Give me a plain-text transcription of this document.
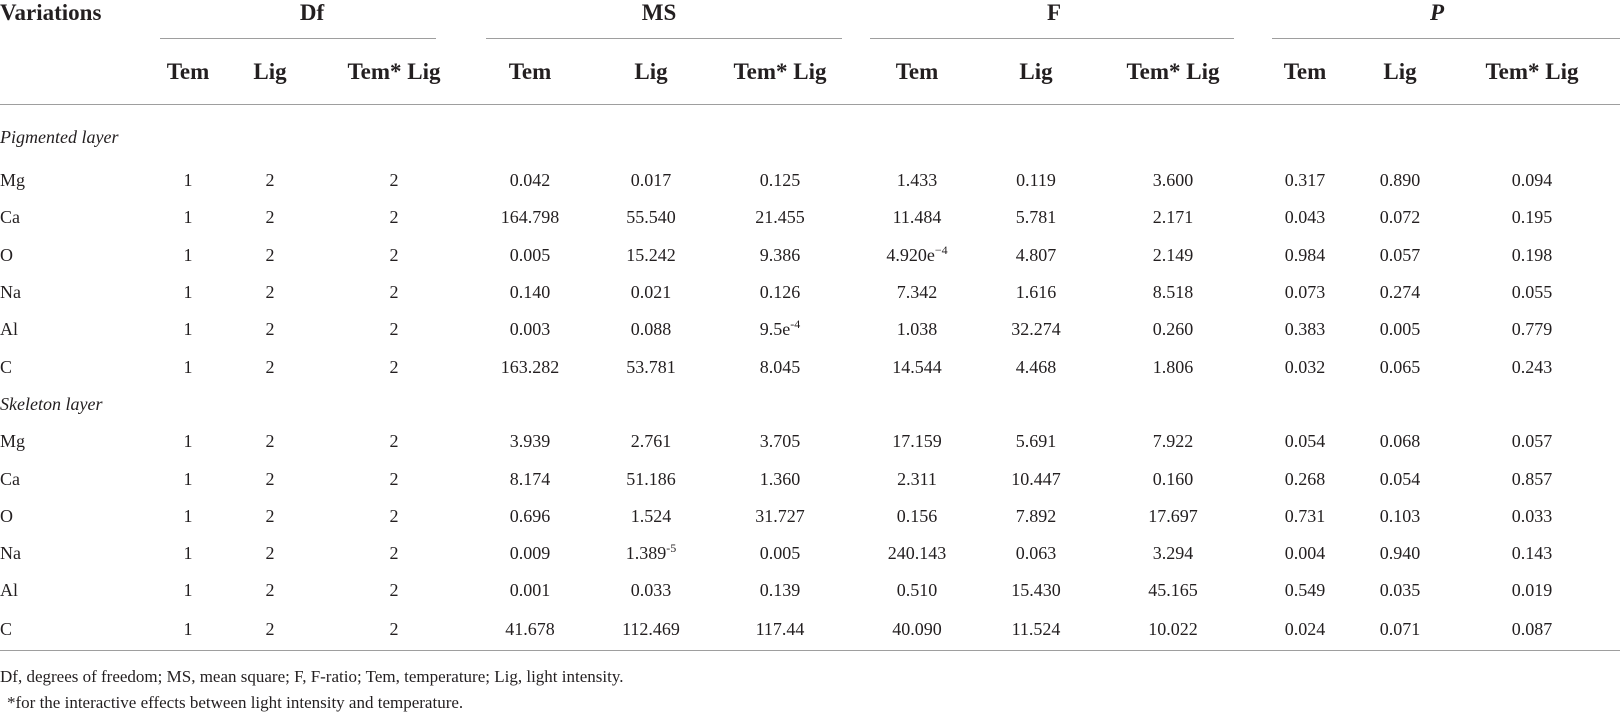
Variations	Df			MS			F			P		

	Tem	Lig	Tem* Lig	Tem	Lig	Tem* Lig	Tem	Lig	Tem* Lig	Tem	Lig	Tem* Lig
Pigmented layer												
Mg	1	2	2	0.042	0.017	0.125	1.433	0.119	3.600	0.317	0.890	0.094
Ca	1	2	2	164.798	55.540	21.455	11.484	5.781	2.171	0.043	0.072	0.195
O	1	2	2	0.005	15.242	9.386	$4.920e^{-4}$	4.807	2.149	0.984	0.057	0.198
Na	1	2	2	0.140	0.021	0.126	7.342	1.616	8.518	0.073	0.274	0.055
Al	1	2	2	0.003	0.088	$9.5e^{-4}$	1.038	32.274	0.260	0.383	0.005	0.779
C	1	2	2	163.282	53.781	8.045	14.544	4.468	1.806	0.032	0.065	0.243
Skeleton layer												
Mg	1	2	2	3.939	2.761	3.705	17.159	5.691	7.922	0.054	0.068	0.057
Ca	1	2	2	8.174	51.186	1.360	2.311	10.447	0.160	0.268	0.054	0.857
O	1	2	2	0.696	1.524	31.727	0.156	7.892	17.697	0.731	0.103	0.033
Na	1	2	2	0.009	$1.389^{-5}$	0.005	240.143	0.063	3.294	0.004	0.940	0.143
Al	1	2	2	0.001	0.033	0.139	0.510	15.430	45.165	0.549	0.035	0.019
C	1	2	2	41.678	112.469	117.44	40.090	11.524	10.022	0.024	0.071	0.087
Df, degrees of freedom; MS, mean square; F, F-ratio; Tem, temperature; Lig, light intensity.
*for the interactive effects between light intensity and temperature.
